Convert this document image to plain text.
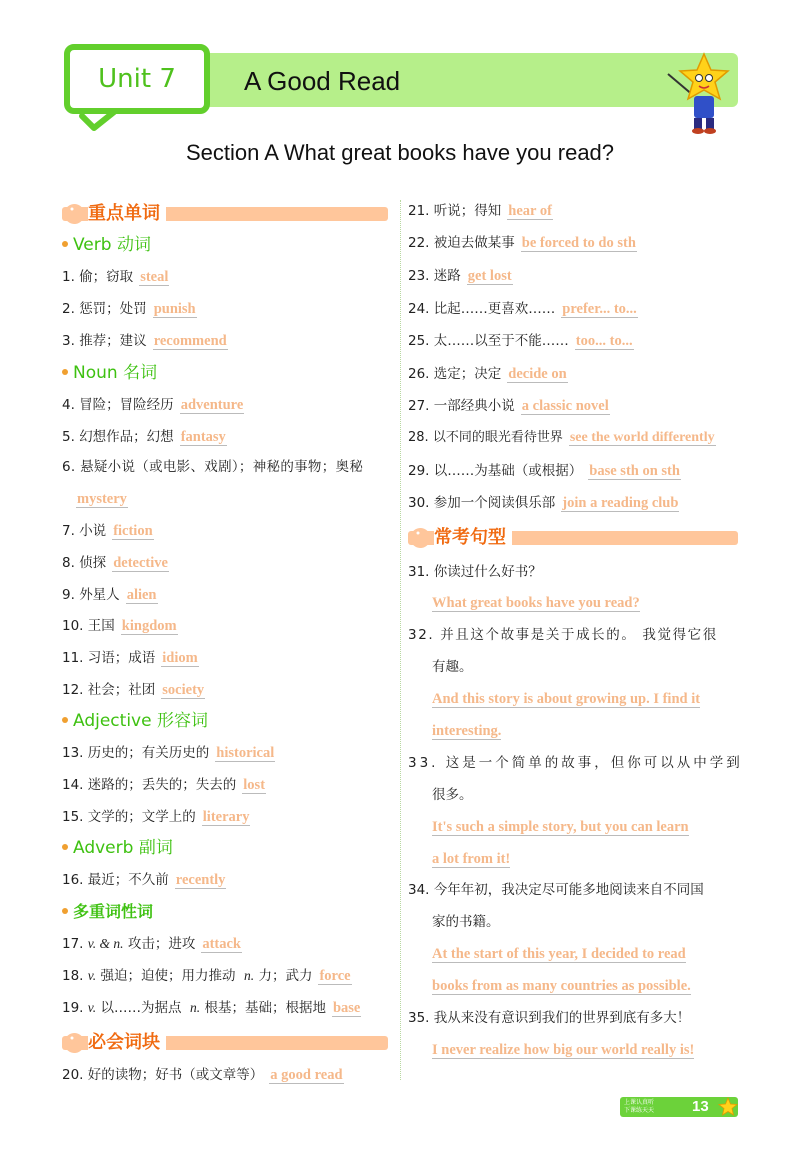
Unit 7	A Good Read
Section A What great books have you read?
重点单词
Verb 动词
1. 偷；窃取 steal
2. 惩罚；处罚 punish
3. 推荐；建议 recommend
Noun 名词
4. 冒险；冒险经历 adventure
5. 幻想作品；幻想 fantasy
6. 悬疑小说（或电影、戏剧）；神秘的事物；奥秘
mystery
7. 小说 fiction
8. 侦探 detective
9. 外星人 alien
10. 王国 kingdom
11. 习语；成语 idiom
12. 社会；社团 society
Adjective 形容词
13. 历史的；有关历史的 historical
14. 迷路的；丢失的；失去的 lost
15. 文学的；文学上的 literary
Adverb 副词
16. 最近；不久前 recently
多重词性词
17. v. & n. 攻击；进攻 attack
18. v. 强迫；迫使；用力推动 n. 力；武力 force
19. v. 以……为据点 n. 根基；基础；根据地 base
必会词块
20. 好的读物；好书（或文章等） a good read
21. 听说；得知 hear of
22. 被迫去做某事 be forced to do sth
23. 迷路 get lost
24. 比起……更喜欢…… prefer... to...
25. 太……以至于不能…… too... to...
26. 选定；决定 decide on
27. 一部经典小说 a classic novel
28. 以不同的眼光看待世界 see the world differently
29. 以……为基础（或根据） base sth on sth
30. 参加一个阅读俱乐部 join a reading club
常考句型
31. 你读过什么好书？
What great books have you read?
32. 并且这个故事是关于成长的。 我觉得它很
有趣。
And this story is about growing up. I find it
interesting.
33. 这是一个简单的故事，但你可以从中学到
很多。
It's such a simple story, but you can learn
a lot from it!
34. 今年年初，我决定尽可能多地阅读来自不同国
家的书籍。
At the start of this year, I decided to read
books from as many countries as possible.
35. 我从来没有意识到我们的世界到底有多大！
I never realize how big our world really is!
上课认真听
下课练天天	13
